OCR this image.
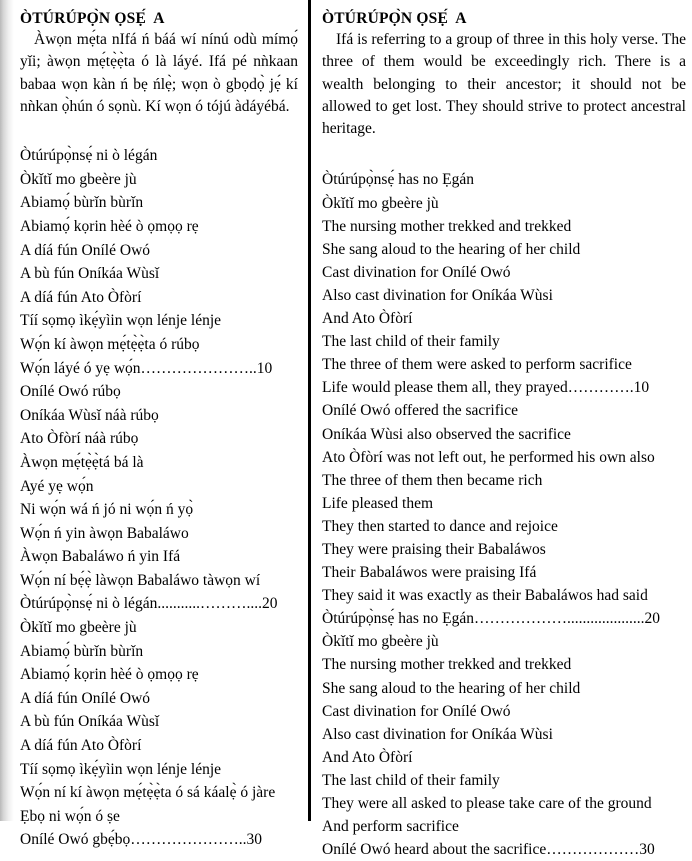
ÒTÚRÚPỌ̀N ỌSẸ́  A

Àwọn mẹ́ta nIfá ń báá wí nínú odù mímọ́ yǐi; àwọn mẹ́tẹ̀ẹ̀ta ó là láyé. Ifá pé nǹkaan babaa wọn kàn ń bẹ ńlẹ̀; wọn ò gbọdọ̀ jẹ́ kí nǹkan ọ̀hún ó sọnù. Kí wọn ó tójú àdáyébá.

Òtúrúpọ̀nsẹ́ ni ò légán
Òkǐtǐ mo gbeère jù
Abiamọ́ bùrǐn bùrǐn
Abiamọ́ kọrin hèé ò ọmọọ rẹ
A díá fún Onílé Owó
A bù fún Oníkáa Wùsǐ
A díá fún Ato Òfòrí
Tíí sọmọ ìkẹ́yìin wọn lénje lénje
Wọ́n kí àwọn mẹ́tẹ̀ẹ̀ta ó rúbọ
Wọ́n láyé ó yẹ wọ́n…………………..10
Onílé Owó rúbọ
Oníkáa Wùsǐ náà rúbọ
Ato Òfòrí náà rúbọ
Àwọn mẹ́tẹ̀ẹ̀tá bá là
Ayé yẹ wọ́n
Ni wọ́n wá ń jó ni wọ́n ń yọ̀
Wọ́n ń yin àwọn Babaláwo
Àwọn Babaláwo ń yin Ifá
Wọ́n ní bẹ́ẹ̀ làwọn Babaláwo tàwọn wí
Òtúrúpọ̀nsẹ́ ni ò légán...........………....20
Òkǐtǐ mo gbeère jù
Abiamọ́ bùrǐn bùrǐn
Abiamọ́ kọrin hèé ò ọmọọ rẹ
A díá fún Onílé Owó
A bù fún Oníkáa Wùsǐ
A díá fún Ato Òfòrí
Tíí sọmọ ìkẹ́yìin wọn lénje lénje
Wọ́n ní kí àwọn mẹ́tẹ̀ẹ̀ta ó sá káalẹ̀ ó jàre
Ẹbọ ni wọ́n ó ṣe
Onílé Owó gbẹ́bọ…………………..30
ÒTÚRÚPỌ̀N ỌSẸ́  A

Ifá is referring to a group of three in this holy verse. The three of them would be exceedingly rich. There is a wealth belonging to their ancestor; it should not be allowed to get lost. They should strive to protect ancestral heritage.

Òtúrúpọ̀nsẹ́ has no Ẹgán
Òkǐtǐ mo gbeère jù
The nursing mother trekked and trekked
She sang aloud to the hearing of her child
Cast divination for Onílé Owó
Also cast divination for Oníkáa Wùsi
And Ato Òfòrí
The last child of their family
The three of them were asked to perform sacrifice
Life would please them all, they prayed………….10
Onílé Owó offered the sacrifice
Oníkáa Wùsi also observed the sacrifice
Ato Òfòrí was not left out, he performed his own also
The three of them then became rich
Life pleased them
They then started to dance and rejoice
They were praising their Babaláwos
Their Babaláwos were praising Ifá
They said it was exactly as their Babaláwos had said
Òtúrúpọ̀nsẹ́ has no Ẹgán………………....................20
Òkǐtǐ mo gbeère jù
The nursing mother trekked and trekked
She sang aloud to the hearing of her child
Cast divination for Onílé Owó
Also cast divination for Oníkáa Wùsi
And Ato Òfòrí
The last child of their family
They were all asked to please take care of the ground
And perform sacrifice
Onílé Owó heard about the sacrifice………………30
